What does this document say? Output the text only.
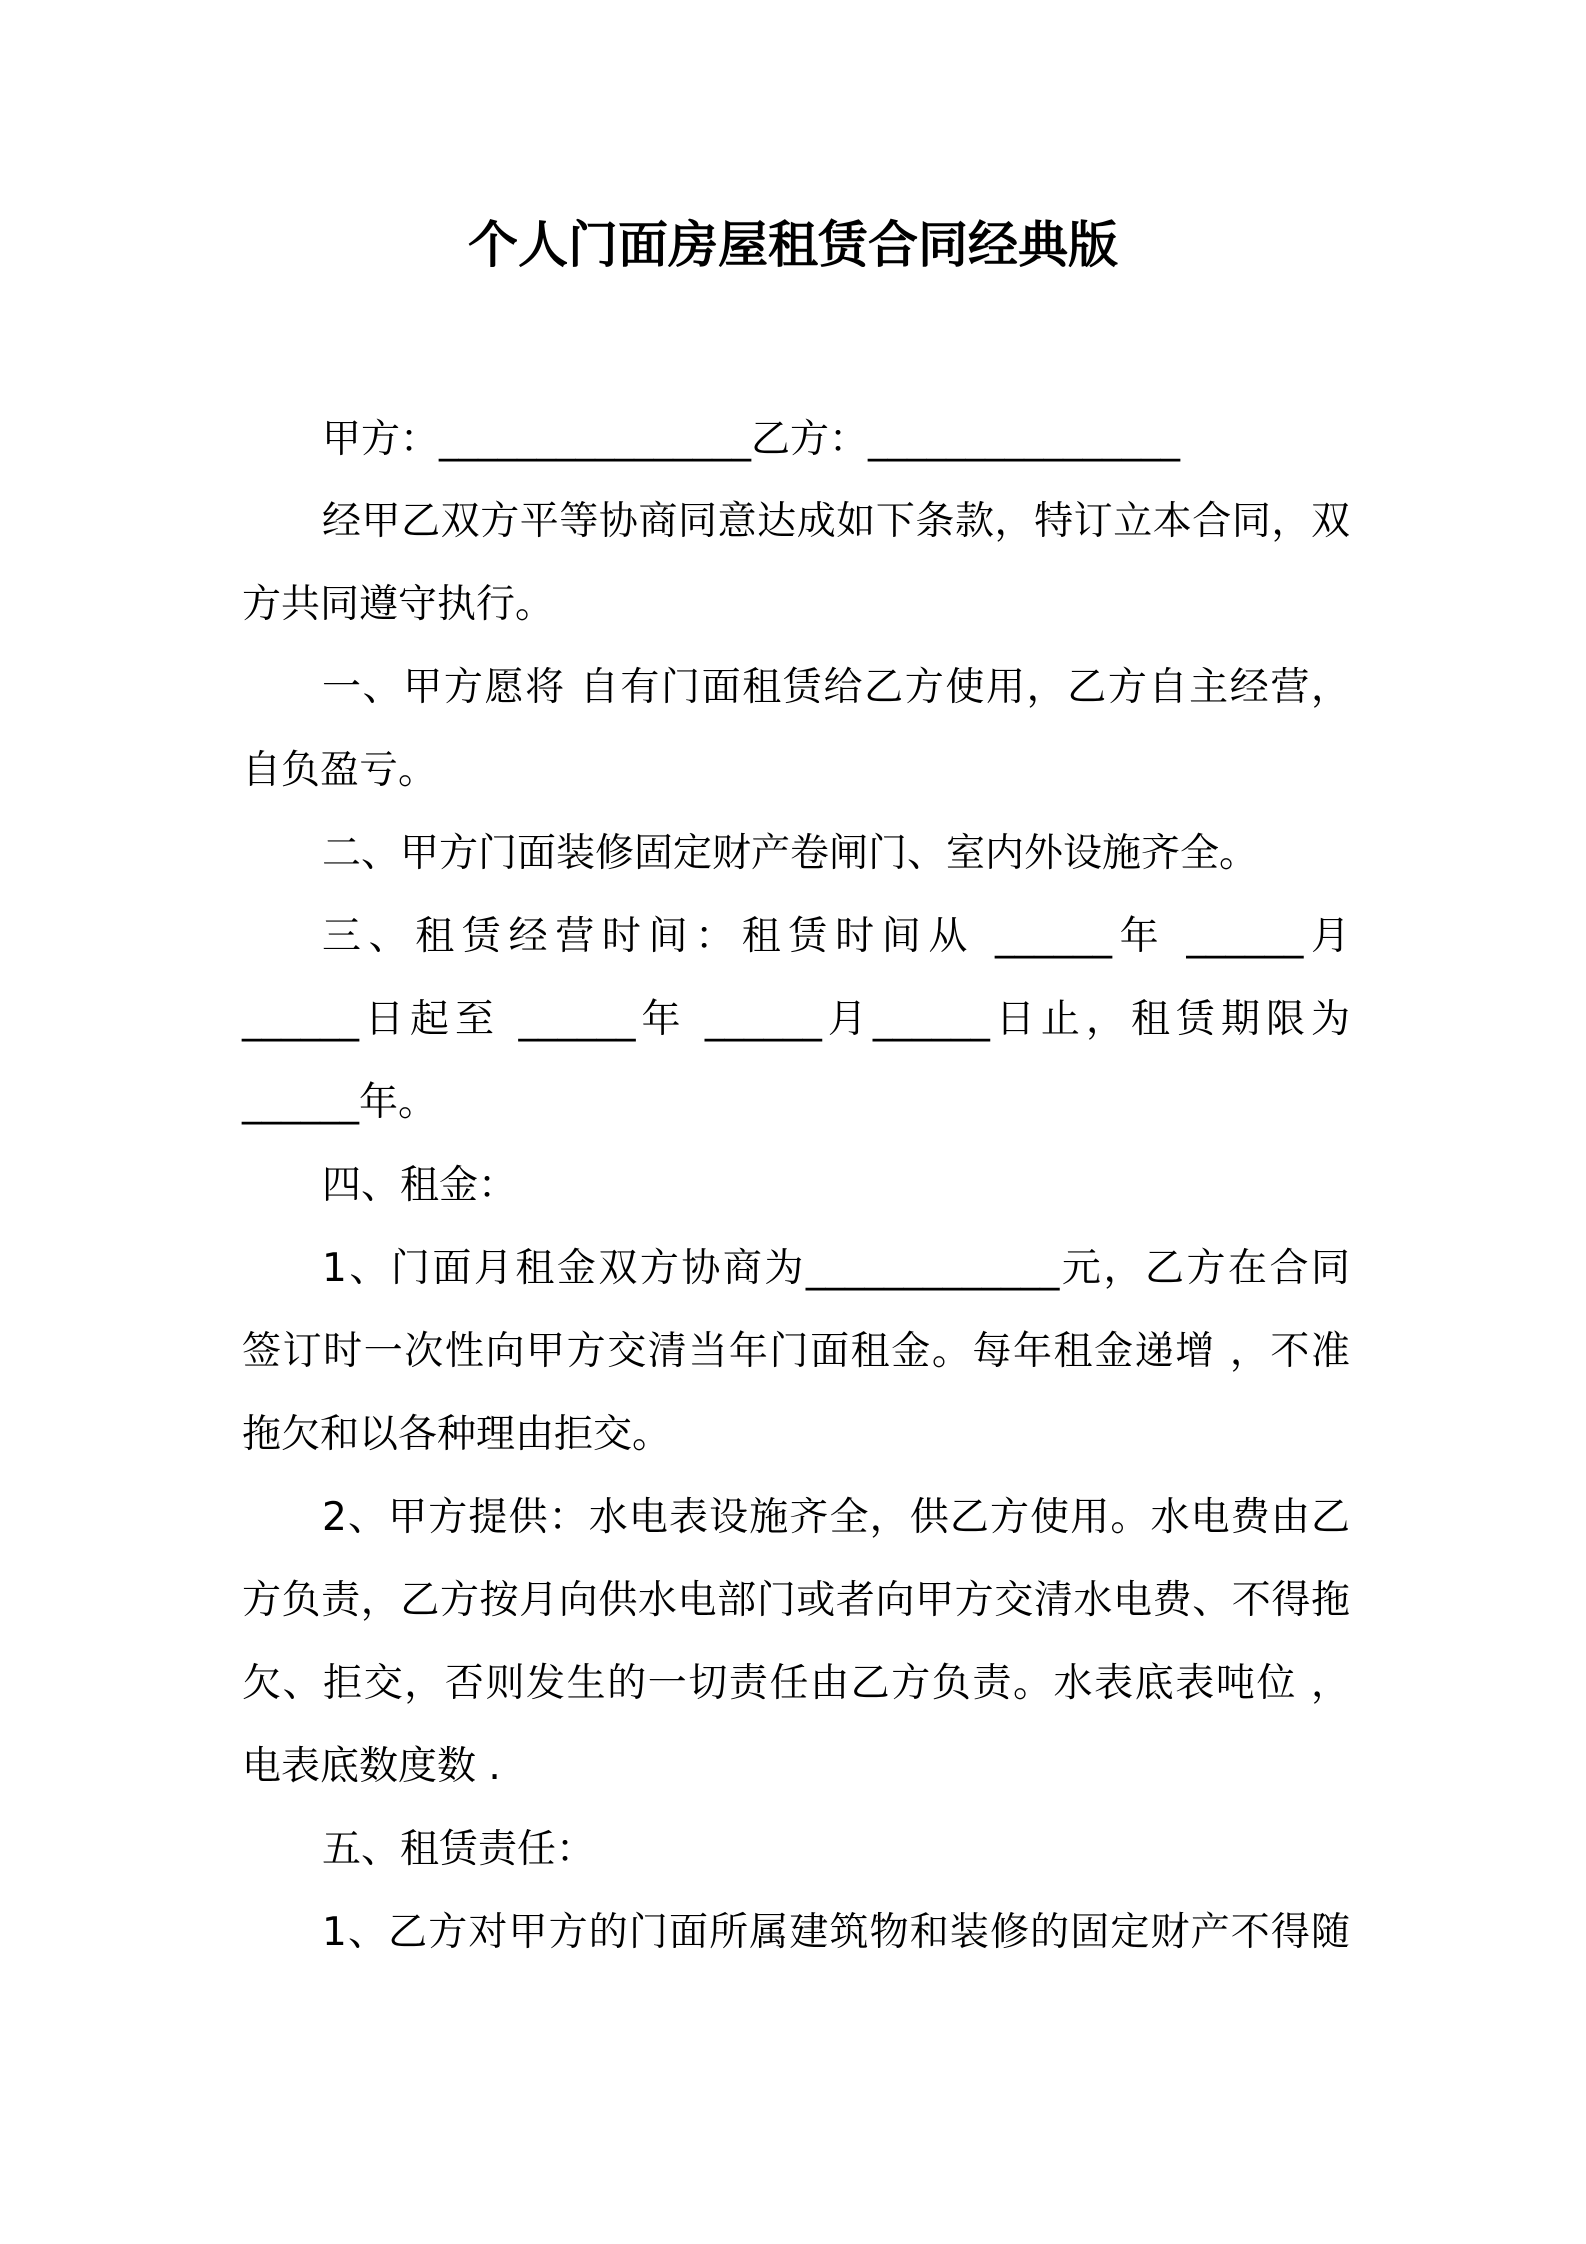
个人门面房屋租赁合同经典版
甲方：________________乙方：________________
经甲乙双方平等协商同意达成如下条款，特订立本合同，双
方共同遵守执行。
一、甲方愿将 自有门面租赁给乙方使用，乙方自主经营，
自负盈亏。
二、甲方门面装修固定财产卷闸门、室内外设施齐全。
三、租赁经营时间：租赁时间从 ______年 ______月
______日起至 ______年 ______月______日止，租赁期限为
______年。
四、租金：
1、门面月租金双方协商为_____________元，乙方在合同
签订时一次性向甲方交清当年门面租金。每年租金递增 ，不准
拖欠和以各种理由拒交。
2、甲方提供：水电表设施齐全，供乙方使用。水电费由乙
方负责，乙方按月向供水电部门或者向甲方交清水电费、不得拖
欠、拒交，否则发生的一切责任由乙方负责。水表底表吨位 ，
电表底数度数 .
五、租赁责任：
1、乙方对甲方的门面所属建筑物和装修的固定财产不得随
